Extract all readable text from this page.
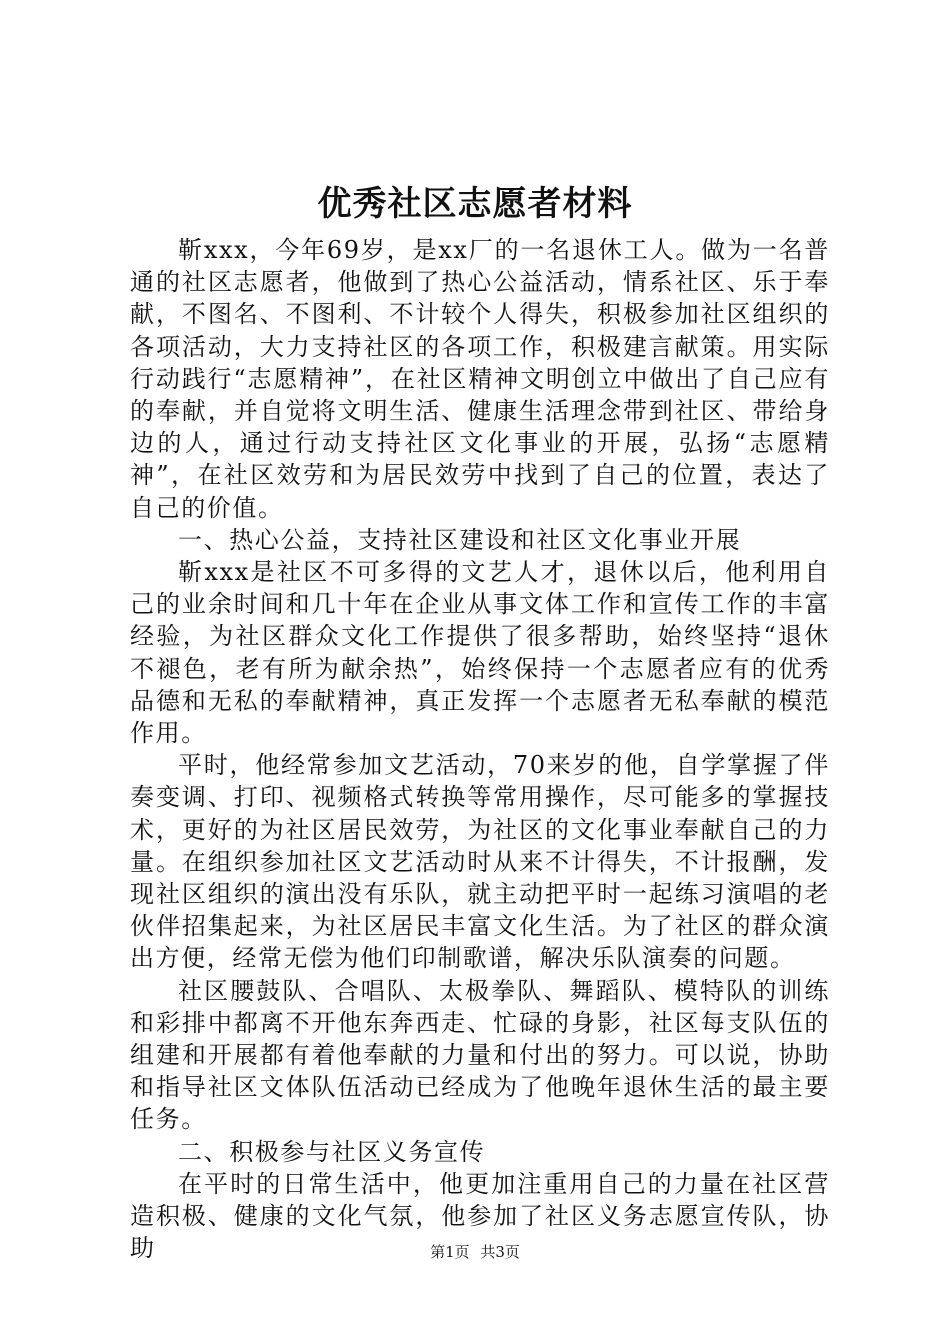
优秀社区志愿者材料

靳xxx，今年69岁，是xx厂的一名退休工人。做为一名普通的社区志愿者，他做到了热心公益活动，情系社区、乐于奉献，不图名、不图利、不计较个人得失，积极参加社区组织的各项活动，大力支持社区的各项工作，积极建言献策。用实际行动践行“志愿精神”，在社区精神文明创立中做出了自己应有的奉献，并自觉将文明生活、健康生活理念带到社区、带给身边的人，通过行动支持社区文化事业的开展，弘扬“志愿精神”，在社区效劳和为居民效劳中找到了自己的位置，表达了自己的价值。

一、热心公益，支持社区建设和社区文化事业开展

靳xxx是社区不可多得的文艺人才，退休以后，他利用自己的业余时间和几十年在企业从事文体工作和宣传工作的丰富经验，为社区群众文化工作提供了很多帮助，始终坚持“退休不褪色，老有所为献余热”，始终保持一个志愿者应有的优秀品德和无私的奉献精神，真正发挥一个志愿者无私奉献的模范作用。

平时，他经常参加文艺活动，70来岁的他，自学掌握了伴奏变调、打印、视频格式转换等常用操作，尽可能多的掌握技术，更好的为社区居民效劳，为社区的文化事业奉献自己的力量。在组织参加社区文艺活动时从来不计得失，不计报酬，发现社区组织的演出没有乐队，就主动把平时一起练习演唱的老伙伴招集起来，为社区居民丰富文化生活。为了社区的群众演出方便，经常无偿为他们印制歌谱，解决乐队演奏的问题。

社区腰鼓队、合唱队、太极拳队、舞蹈队、模特队的训练和彩排中都离不开他东奔西走、忙碌的身影，社区每支队伍的组建和开展都有着他奉献的力量和付出的努力。可以说，协助和指导社区文体队伍活动已经成为了他晚年退休生活的最主要任务。

二、积极参与社区义务宣传

在平时的日常生活中，他更加注重用自己的力量在社区营造积极、健康的文化气氛，他参加了社区义务志愿宣传队，协助	第1页 共3页
